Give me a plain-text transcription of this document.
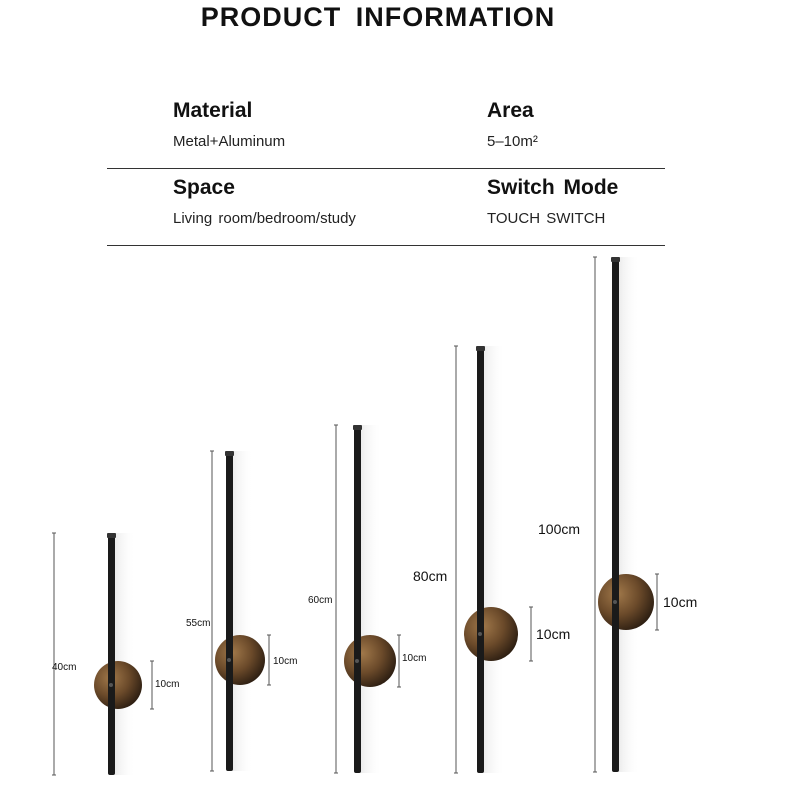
PRODUCT INFORMATION
Material
Metal+Aluminum
Area
5–10m²
Space
Living room/bedroom/study
Switch Mode
TOUCH SWITCH
40cm
10cm
55cm
10cm
60cm
10cm
80cm
10cm
100cm
10cm
